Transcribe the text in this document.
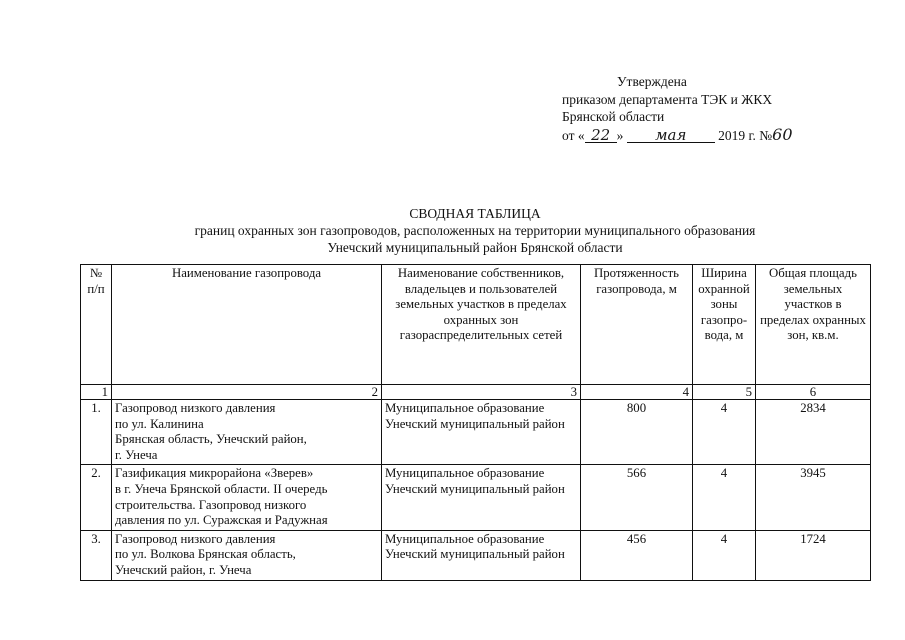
Утверждена
приказом департамента ТЭК и ЖКХ
Брянской области
от « 22 » мая 2019 г. №60
СВОДНАЯ ТАБЛИЦА
границ охранных зон газопроводов, расположенных на территории муниципального образования
Унечский муниципальный район Брянской области
№ п/п	Наименование газопровода	Наименование собственников, владельцев и пользователей земельных участков в пределах охранных зон газораспределительных сетей	Протяженность газопровода, м	Ширина охранной зоны газопро-вода, м	Общая площадь земельных участков в пределах охранных зон, кв.м.
1	2	3	4	5	6
1.	Газопровод низкого давления
по ул. Калинина
Брянская область, Унечский район,
г. Унеча	Муниципальное образование Унечский муниципальный район	800	4	2834
2.	Газификация микрорайона «Зверев»
в г. Унеча Брянской области. II очередь
строительства. Газопровод низкого
давления по ул. Суражская и Радужная	Муниципальное образование Унечский муниципальный район	566	4	3945
3.	Газопровод низкого давления
по ул. Волкова Брянская область,
Унечский район, г. Унеча	Муниципальное образование Унечский муниципальный район	456	4	1724
